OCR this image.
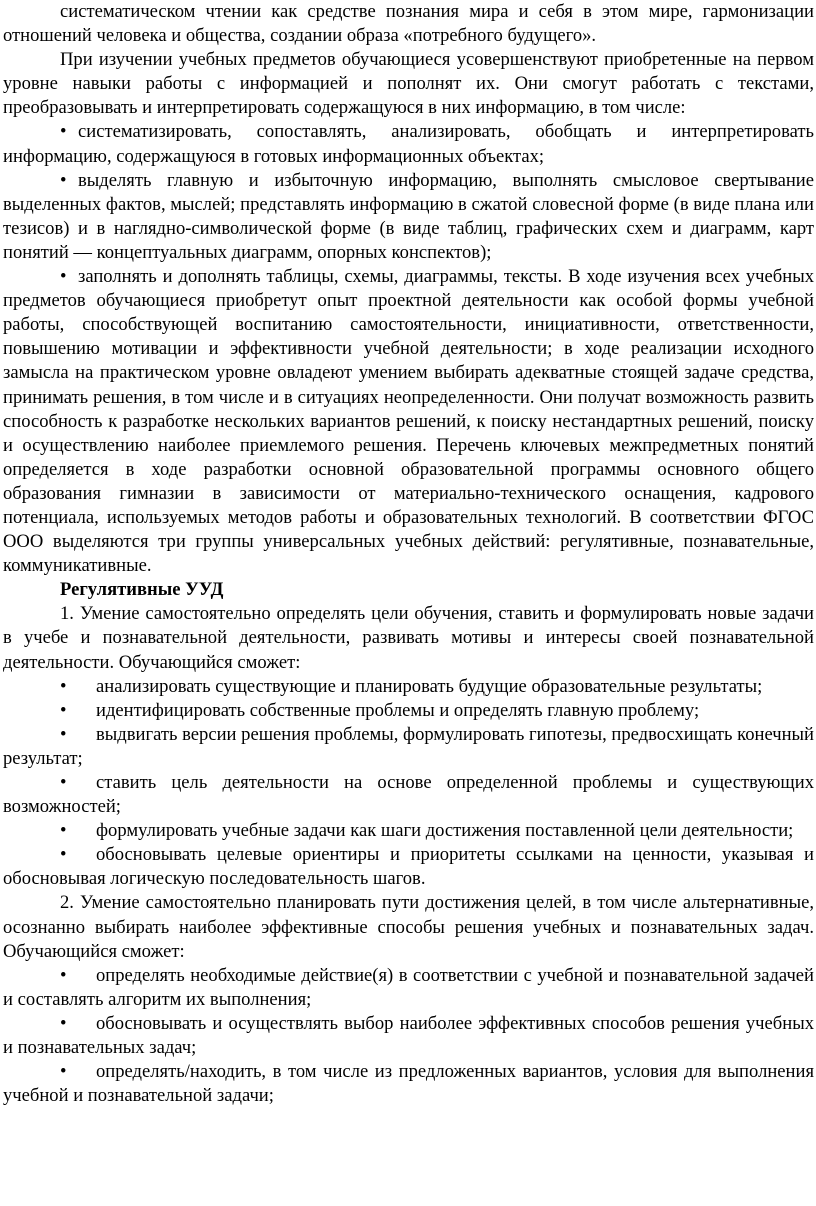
систематическом чтении как средстве познания мира и себя в этом мире, гармонизации отношений человека и общества, создании образа «потребного будущего».

При изучении учебных предметов обучающиеся усовершенствуют приобретенные на первом уровне навыки работы с информацией и пополнят их. Они смогут работать с текстами, преобразовывать и интерпретировать содержащуюся в них информацию, в том числе:

• систематизировать, сопоставлять, анализировать, обобщать и интерпретировать информацию, содержащуюся в готовых информационных объектах;

• выделять главную и избыточную информацию, выполнять смысловое свертывание выделенных фактов, мыслей; представлять информацию в сжатой словесной форме (в виде плана или тезисов) и в наглядно-символической форме (в виде таблиц, графических схем и диаграмм, карт понятий — концептуальных диаграмм, опорных конспектов);

• заполнять и дополнять таблицы, схемы, диаграммы, тексты. В ходе изучения всех учебных предметов обучающиеся приобретут опыт проектной деятельности как особой формы учебной работы, способствующей воспитанию самостоятельности, инициативности, ответственности, повышению мотивации и эффективности учебной деятельности; в ходе реализации исходного замысла на практическом уровне овладеют умением выбирать адекватные стоящей задаче средства, принимать решения, в том числе и в ситуациях неопределенности. Они получат возможность развить способность к разработке нескольких вариантов решений, к поиску нестандартных решений, поиску и осуществлению наиболее приемлемого решения. Перечень ключевых межпредметных понятий определяется в ходе разработки основной образовательной программы основного общего образования гимназии в зависимости от материально-технического оснащения, кадрового потенциала, используемых методов работы и образовательных технологий. В соответствии ФГОС ООО выделяются три группы универсальных учебных действий: регулятивные, познавательные, коммуникативные.

Регулятивные УУД

1. Умение самостоятельно определять цели обучения, ставить и формулировать новые задачи в учебе и познавательной деятельности, развивать мотивы и интересы своей познавательной деятельности. Обучающийся сможет:

• анализировать существующие и планировать будущие образовательные результаты;

• идентифицировать собственные проблемы и определять главную проблему;

• выдвигать версии решения проблемы, формулировать гипотезы, предвосхищать конечный результат;

• ставить цель деятельности на основе определенной проблемы и существующих возможностей;

• формулировать учебные задачи как шаги достижения поставленной цели деятельности;

• обосновывать целевые ориентиры и приоритеты ссылками на ценности, указывая и обосновывая логическую последовательность шагов.

2. Умение самостоятельно планировать пути достижения целей, в том числе альтернативные, осознанно выбирать наиболее эффективные способы решения учебных и познавательных задач. Обучающийся сможет:

• определять необходимые действие(я) в соответствии с учебной и познавательной задачей и составлять алгоритм их выполнения;

• обосновывать и осуществлять выбор наиболее эффективных способов решения учебных и познавательных задач;

• определять/находить, в том числе из предложенных вариантов, условия для выполнения учебной и познавательной задачи;
